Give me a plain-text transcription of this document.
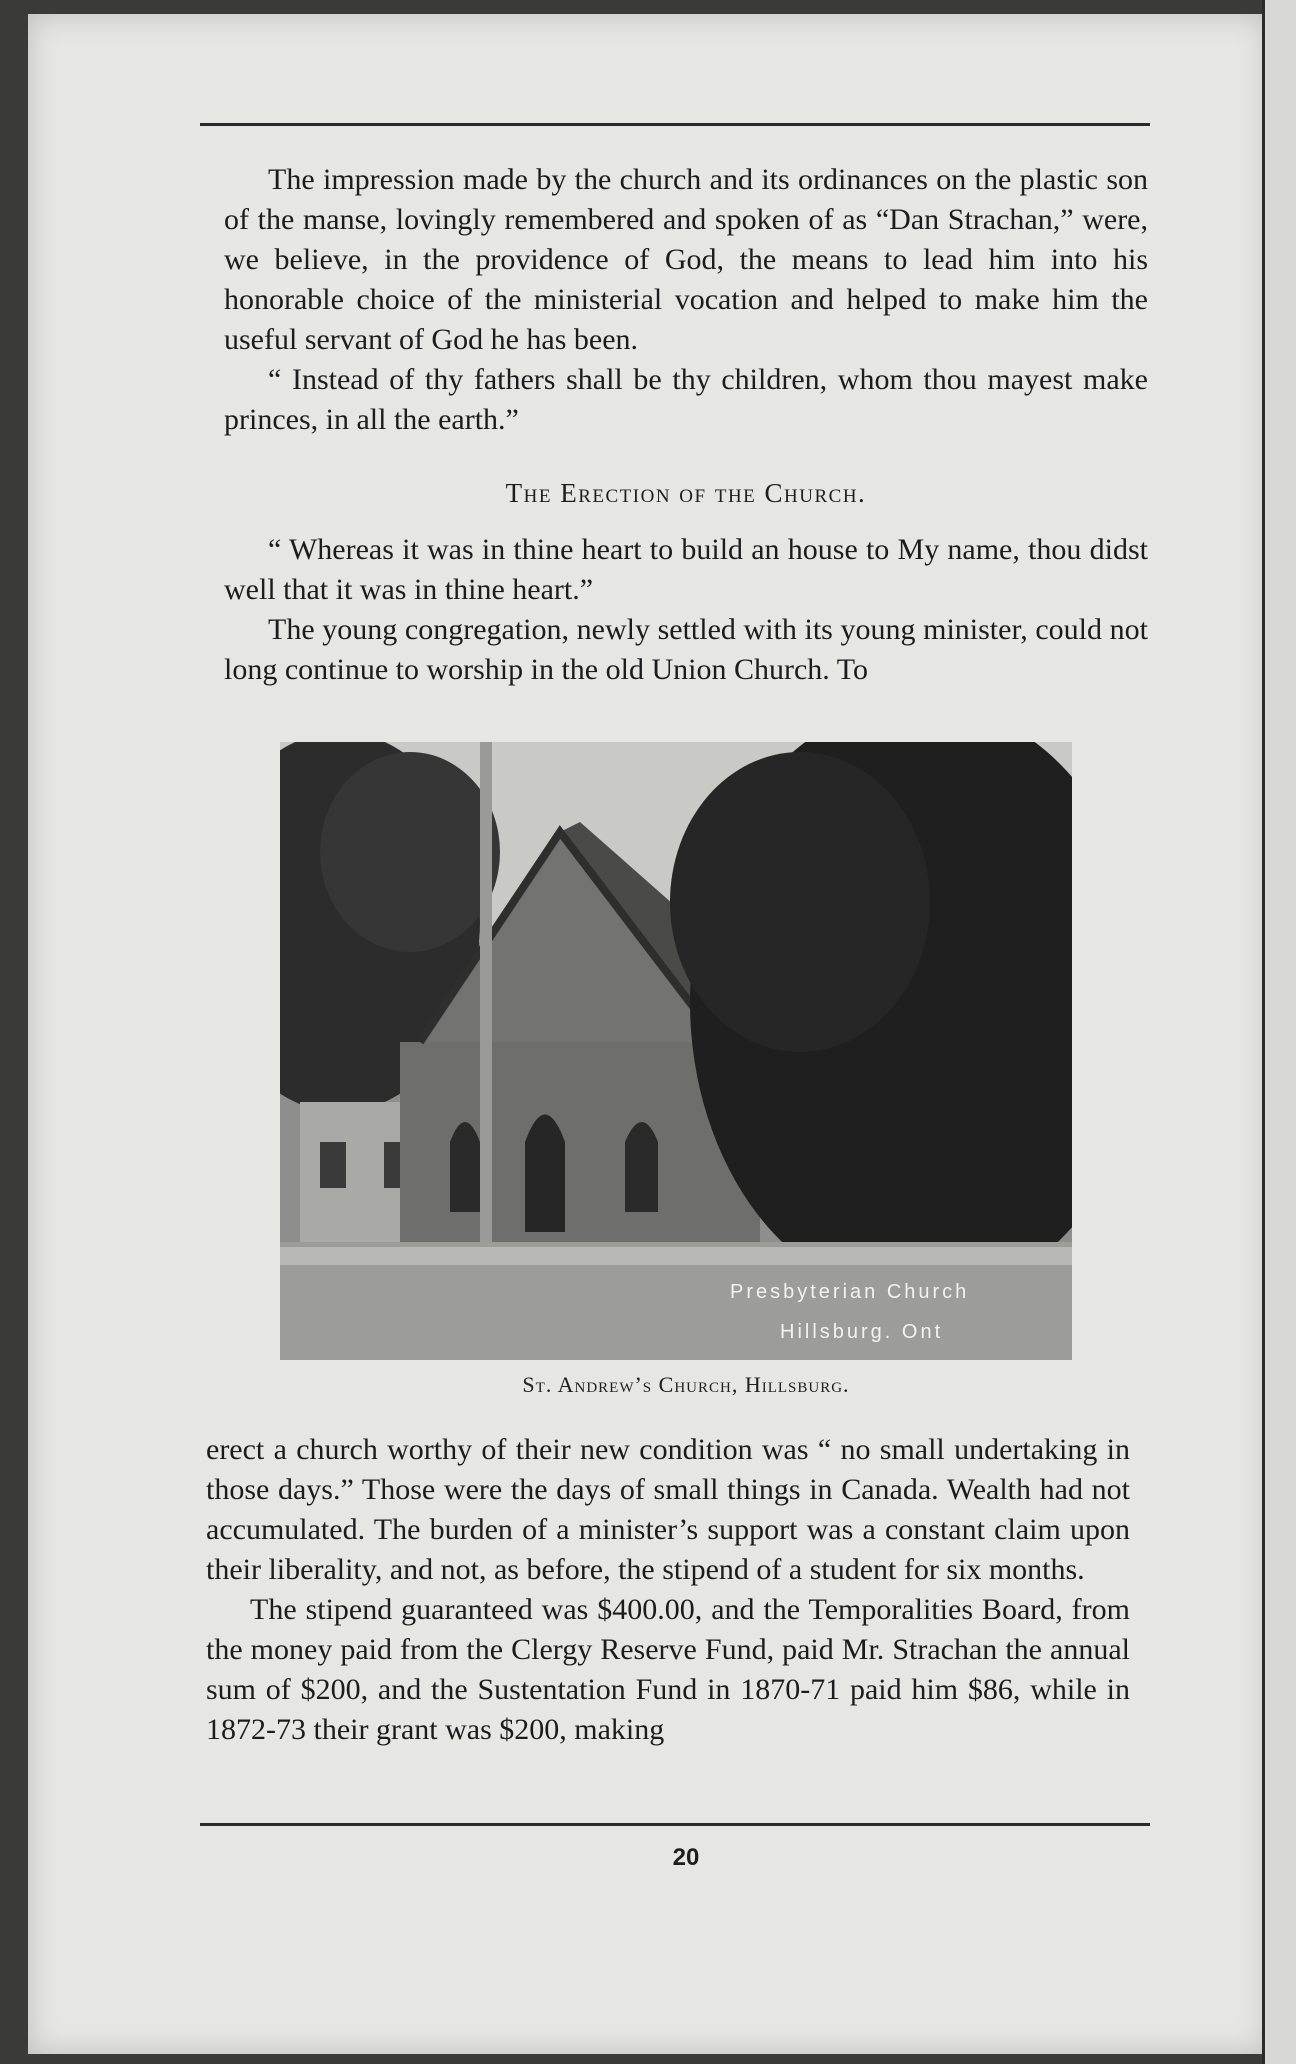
The impression made by the church and its ordinances on the plastic son of the manse, lovingly remembered and spoken of as “Dan Strachan,” were, we believe, in the providence of God, the means to lead him into his honorable choice of the ministerial vocation and helped to make him the useful servant of God he has been.

“ Instead of thy fathers shall be thy children, whom thou mayest make princes, in all the earth.”

The Erection of the Church.

“ Whereas it was in thine heart to build an house to My name, thou didst well that it was in thine heart.”

The young congregation, newly settled with its young minister, could not long continue to worship in the old Union Church. To

Presbyterian Church
Hillsburg. Ont
St. Andrew’s Church, Hillsburg.

erect a church worthy of their new condition was “ no small undertaking in those days.” Those were the days of small things in Canada. Wealth had not accumulated. The burden of a minister’s support was a constant claim upon their liberality, and not, as before, the stipend of a student for six months.

The stipend guaranteed was $400.00, and the Temporalities Board, from the money paid from the Clergy Reserve Fund, paid Mr. Strachan the annual sum of $200, and the Sustentation Fund in 1870-71 paid him $86, while in 1872-73 their grant was $200, making

20
